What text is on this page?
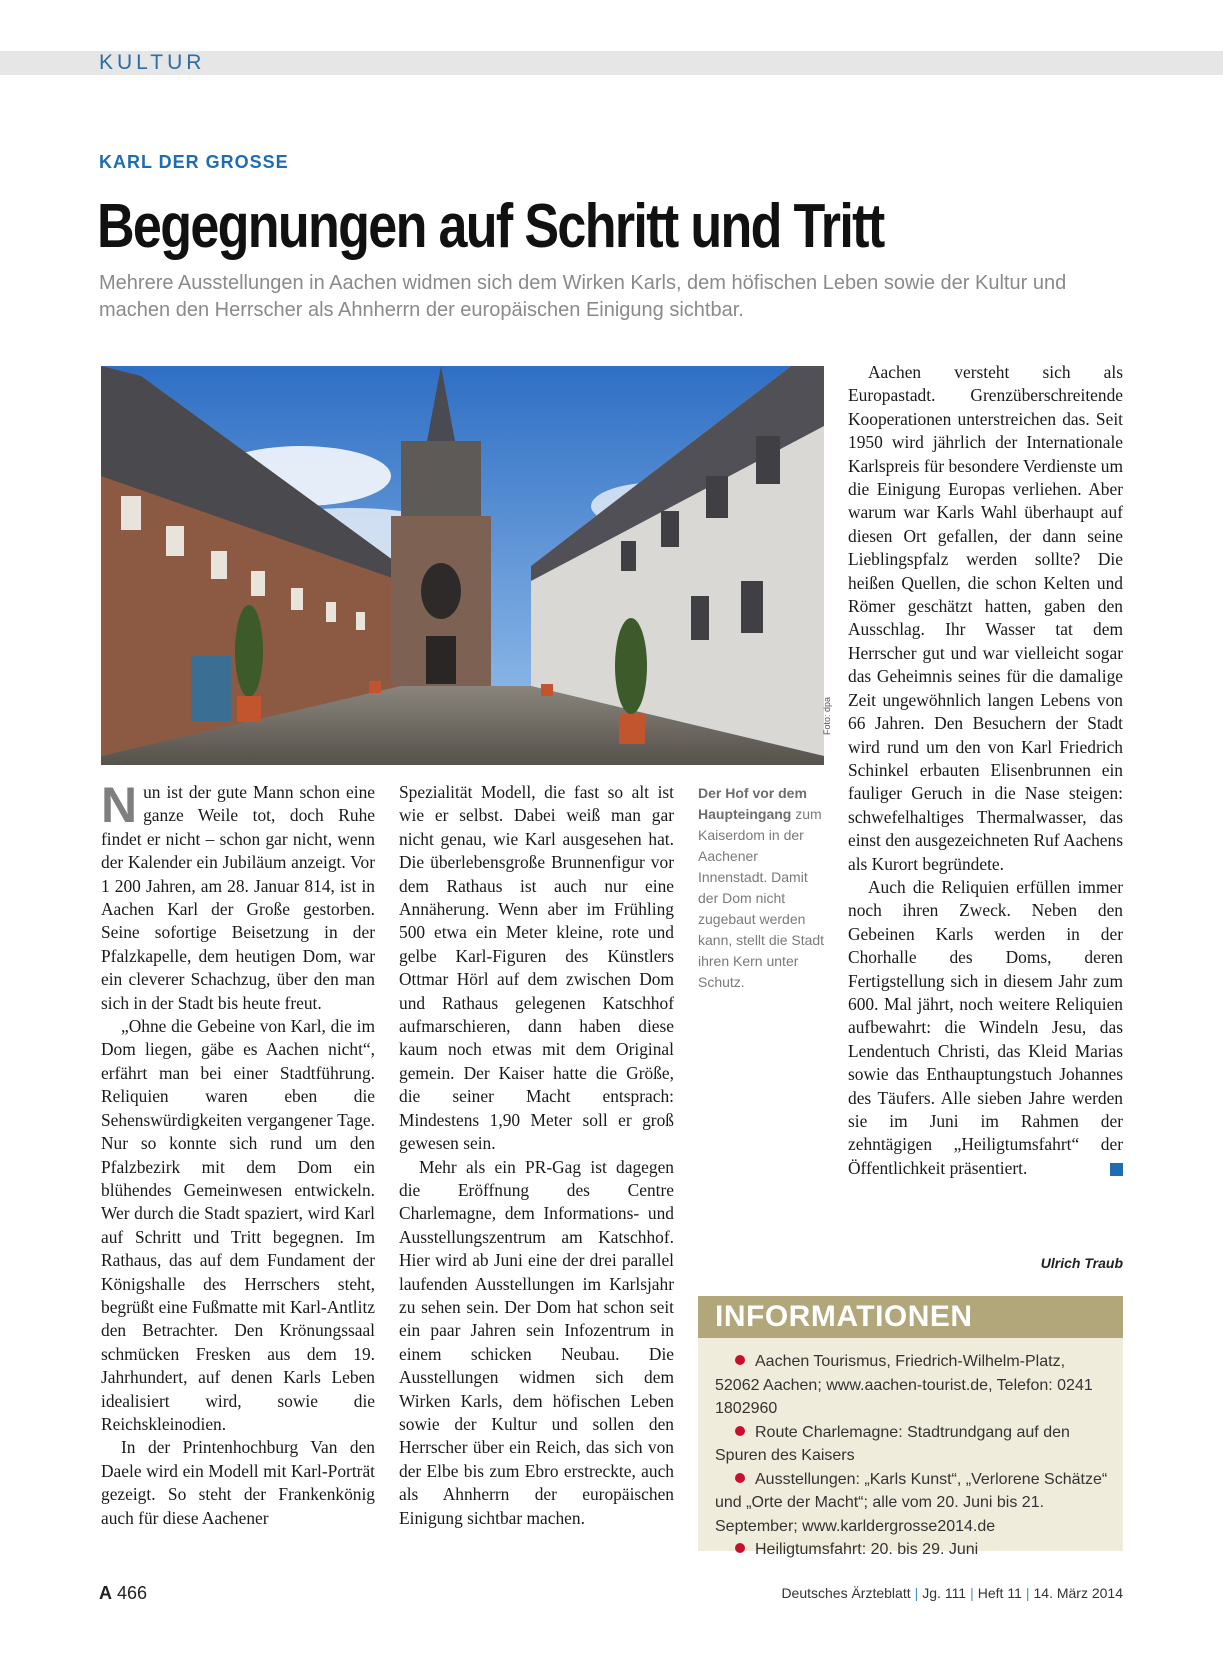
KULTUR
KARL DER GROSSE
Begegnungen auf Schritt und Tritt

Mehrere Ausstellungen in Aachen widmen sich dem Wirken Karls, dem höfischen Leben sowie der Kultur und machen den Herrscher als Ahnherrn der europäischen Einigung sichtbar.

Foto: dpa

Nun ist der gute Mann schon eine ganze Weile tot, doch Ruhe findet er nicht – schon gar nicht, wenn der Kalender ein Jubiläum anzeigt. Vor 1 200 Jahren, am 28. Januar 814, ist in Aachen Karl der Große gestorben. Seine sofortige Beisetzung in der Pfalzkapelle, dem heutigen Dom, war ein cleverer Schachzug, über den man sich in der Stadt bis heute freut.

„Ohne die Gebeine von Karl, die im Dom liegen, gäbe es Aachen nicht“, erfährt man bei einer Stadtführung. Reliquien waren eben die Sehenswürdigkeiten vergangener Tage. Nur so konnte sich rund um den Pfalzbezirk mit dem Dom ein blühendes Gemeinwesen entwickeln. Wer durch die Stadt spaziert, wird Karl auf Schritt und Tritt begegnen. Im Rathaus, das auf dem Fundament der Königshalle des Herrschers steht, begrüßt eine Fußmatte mit Karl-Antlitz den Betrachter. Den Krönungssaal schmücken Fresken aus dem 19. Jahrhundert, auf denen Karls Leben idealisiert wird, sowie die Reichskleinodien.

In der Printenhochburg Van den Daele wird ein Modell mit Karl-Porträt gezeigt. So steht der Frankenkönig auch für diese Aachener

Spezialität Modell, die fast so alt ist wie er selbst. Dabei weiß man gar nicht genau, wie Karl ausgesehen hat. Die überlebensgroße Brunnenfigur vor dem Rathaus ist auch nur eine Annäherung. Wenn aber im Frühling 500 etwa ein Meter kleine, rote und gelbe Karl-Figuren des Künstlers Ottmar Hörl auf dem zwischen Dom und Rathaus gelegenen Katschhof aufmarschieren, dann haben diese kaum noch etwas mit dem Original gemein. Der Kaiser hatte die Größe, die seiner Macht entsprach: Mindestens 1,90 Meter soll er groß gewesen sein.

Mehr als ein PR-Gag ist dagegen die Eröffnung des Centre Charlemagne, dem Informations- und Ausstellungszentrum am Katschhof. Hier wird ab Juni eine der drei parallel laufenden Ausstellungen im Karlsjahr zu sehen sein. Der Dom hat schon seit ein paar Jahren sein Infozentrum in einem schicken Neubau. Die Ausstellungen widmen sich dem Wirken Karls, dem höfischen Leben sowie der Kultur und sollen den Herrscher über ein Reich, das sich von der Elbe bis zum Ebro erstreckte, auch als Ahnherrn der europäischen Einigung sichtbar machen.

Der Hof vor dem Haupteingang zum Kaiserdom in der Aachener Innenstadt. Damit der Dom nicht zugebaut werden kann, stellt die Stadt ihren Kern unter Schutz.

Aachen versteht sich als Europastadt. Grenzüberschreitende Kooperationen unterstreichen das. Seit 1950 wird jährlich der Internationale Karlspreis für besondere Verdienste um die Einigung Europas verliehen. Aber warum war Karls Wahl überhaupt auf diesen Ort gefallen, der dann seine Lieblingspfalz werden sollte? Die heißen Quellen, die schon Kelten und Römer geschätzt hatten, gaben den Ausschlag. Ihr Wasser tat dem Herrscher gut und war vielleicht sogar das Geheimnis seines für die damalige Zeit ungewöhnlich langen Lebens von 66 Jahren. Den Besuchern der Stadt wird rund um den von Karl Friedrich Schinkel erbauten Elisenbrunnen ein fauliger Geruch in die Nase steigen: schwefelhaltiges Thermalwasser, das einst den ausgezeichneten Ruf Aachens als Kurort begründete.

Auch die Reliquien erfüllen immer noch ihren Zweck. Neben den Gebeinen Karls werden in der Chorhalle des Doms, deren Fertigstellung sich in diesem Jahr zum 600. Mal jährt, noch weitere Reliquien aufbewahrt: die Windeln Jesu, das Lendentuch Christi, das Kleid Marias sowie das Enthauptungstuch Johannes des Täufers. Alle sieben Jahre werden sie im Juni im Rahmen der zehntägigen „Heiligtumsfahrt“ der Öffentlichkeit präsentiert.

Ulrich Traub
INFORMATIONEN
Aachen Tourismus, Friedrich-Wilhelm-Platz, 52062 Aachen; www.aachen-tourist.de, Telefon: 0241 1802960
Route Charlemagne: Stadtrundgang auf den Spuren des Kaisers
Ausstellungen: „Karls Kunst“, „Verlorene Schätze“ und „Orte der Macht“; alle vom 20. Juni bis 21. September; www.karldergrosse2014.de
Heiligtumsfahrt: 20. bis 29. Juni
A 466	Deutsches Ärzteblatt | Jg. 111 | Heft 11 | 14. März 2014
